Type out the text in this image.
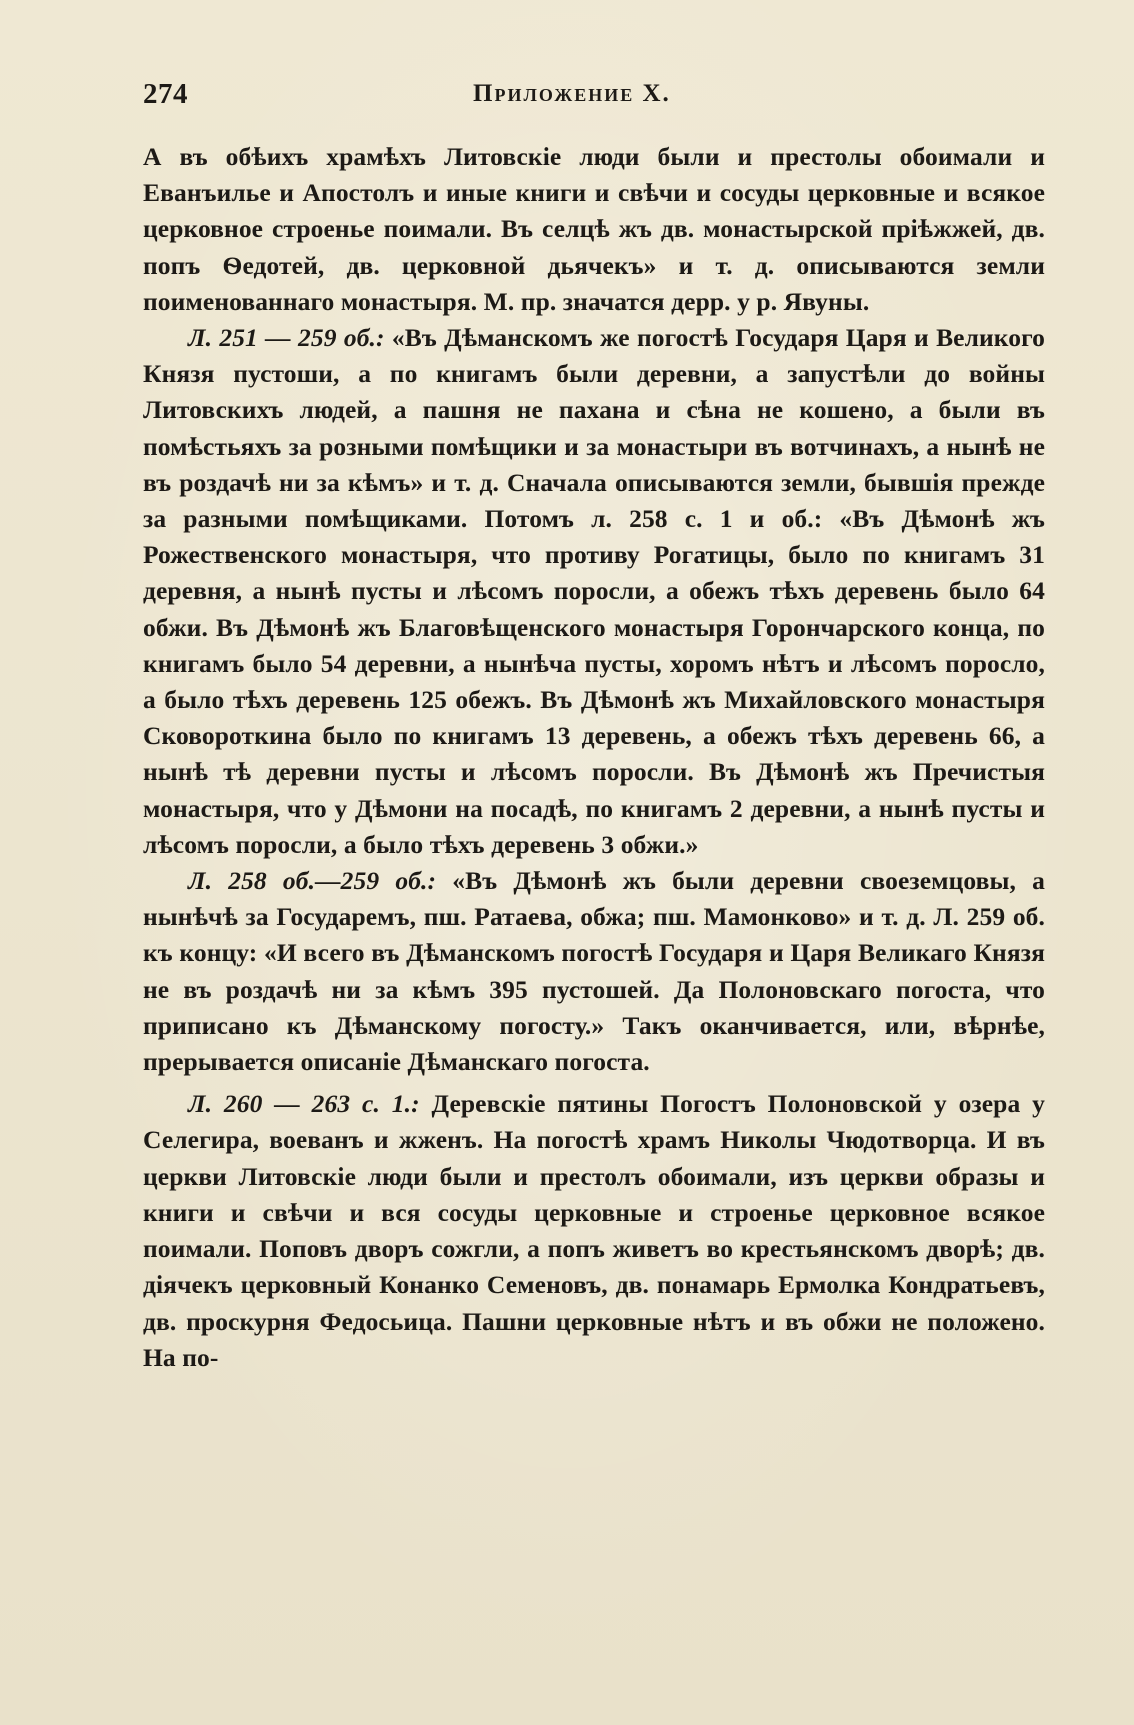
274	Приложение X.

А въ обѣихъ храмѣхъ Литовскіе люди были и престолы обоимали и Еванъильe и Апостолъ и иные книги и свѣчи и сосуды церковные и всякое церковное строенье поимали. Въ селцѣ жъ дв. монастырской пріѣжжей, дв. попъ Ѳедотей, дв. церковной дьячекъ» и т. д. описываются земли поименованнаго монастыря. М. пр. значатся дерр. у р. Явуны.

Л. 251 — 259 об.: «Въ Дѣманскомъ же погостѣ Государя Царя и Великого Князя пустоши, а по книгамъ были деревни, а запустѣли до войны Литовскихъ людей, а пашня не пахана и сѣна не кошено, а были въ помѣстьяхъ за розными помѣщики и за монастыри въ вотчинахъ, а нынѣ не въ роздачѣ ни за кѣмъ» и т. д. Сначала описываются земли, бывшія прежде за разными помѣщиками. Потомъ л. 258 с. 1 и об.: «Въ Дѣмонѣ жъ Рожественского монастыря, что противу Рогатицы, было по книгамъ 31 деревня, а нынѣ пусты и лѣсомъ поросли, а обежъ тѣхъ деревень было 64 обжи. Въ Дѣмонѣ жъ Благовѣщенского монастыря Горончарского конца, по книгамъ было 54 деревни, а нынѣча пусты, хоромъ нѣтъ и лѣсомъ поросло, а было тѣхъ деревень 125 обежъ. Въ Дѣмонѣ жъ Михайловского монастыря Сковороткина было по книгамъ 13 деревень, а обежъ тѣхъ деревень 66, а нынѣ тѣ деревни пусты и лѣсомъ поросли. Въ Дѣмонѣ жъ Пречистыя монастыря, что у Дѣмони на посадѣ, по книгамъ 2 деревни, а нынѣ пусты и лѣсомъ поросли, а было тѣхъ деревень 3 обжи.»

Л. 258 об.—259 об.: «Въ Дѣмонѣ жъ были деревни своеземцовы, а нынѣчѣ за Государемъ, пш. Ратаева, обжа; пш. Мамонково» и т. д. Л. 259 об. къ концу: «И всего въ Дѣманскомъ погостѣ Государя и Царя Великаго Князя не въ роздачѣ ни за кѣмъ 395 пустошей. Да Полоновскаго погоста, что приписано къ Дѣманскому погосту.» Такъ оканчивается, или, вѣрнѣе, прерывается описаніе Дѣманскаго погоста.

Л. 260 — 263 с. 1.: Деревскіе пятины Погостъ Полоновской у озера у Селегира, воеванъ и жженъ. На погостѣ храмъ Николы Чюдотворца. И въ церкви Литовскіе люди были и престолъ обоимали, изъ церкви образы и книги и свѣчи и вся сосуды церковные и строенье церковное всякое поимали. Поповъ дворъ сожгли, а попъ живетъ во крестьянскомъ дворѣ; дв. діячекъ церковный Конанко Семеновъ, дв. понамарь Ермолка Кондратьевъ, дв. проскурня Федосьица. Пашни церковные нѣтъ и въ обжи не положено. На по-
